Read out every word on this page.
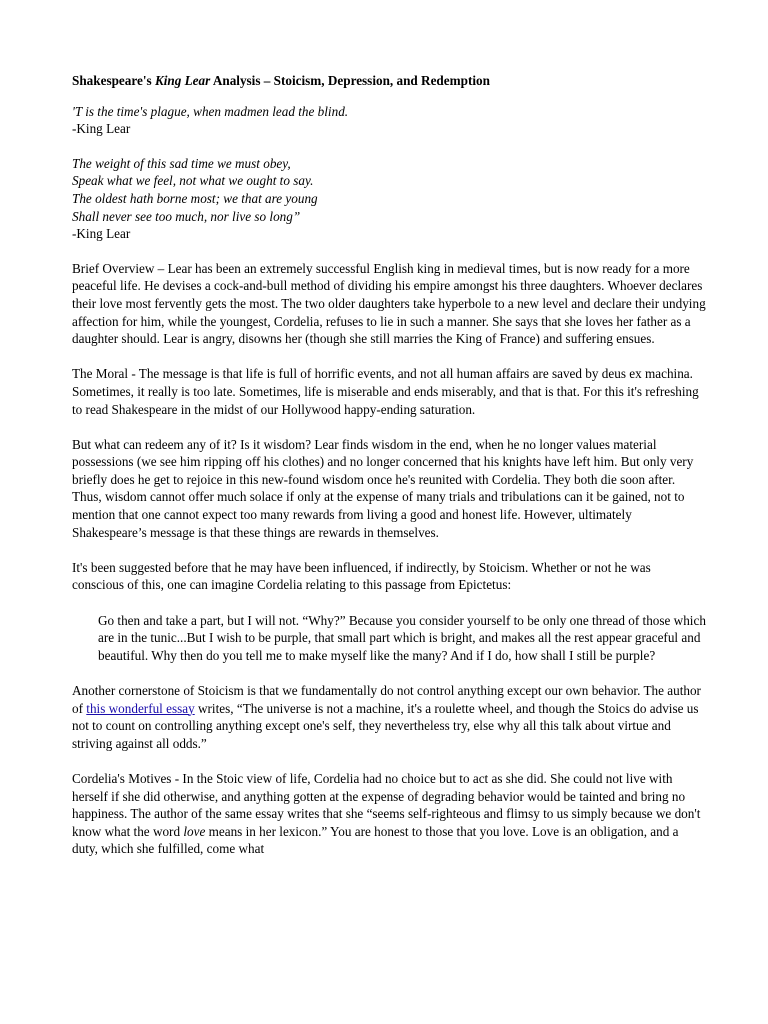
Shakespeare's King Lear Analysis – Stoicism, Depression, and Redemption
'T is the time's plague, when madmen lead the blind.
-King Lear
The weight of this sad time we must obey,
Speak what we feel, not what we ought to say.
The oldest hath borne most; we that are young
Shall never see too much, nor live so long”
-King Lear

Brief Overview – Lear has been an extremely successful English king in medieval times, but is now ready for a more peaceful life. He devises a cock-and-bull method of dividing his empire amongst his three daughters. Whoever declares their love most fervently gets the most. The two older daughters take hyperbole to a new level and declare their undying affection for him, while the youngest, Cordelia, refuses to lie in such a manner. She says that she loves her father as a daughter should. Lear is angry, disowns her (though she still marries the King of France) and suffering ensues.

The Moral - The message is that life is full of horrific events, and not all human affairs are saved by deus ex machina. Sometimes, it really is too late. Sometimes, life is miserable and ends miserably, and that is that. For this it's refreshing to read Shakespeare in the midst of our Hollywood happy-ending saturation.

But what can redeem any of it? Is it wisdom? Lear finds wisdom in the end, when he no longer values material possessions (we see him ripping off his clothes) and no longer concerned that his knights have left him. But only very briefly does he get to rejoice in this new-found wisdom once he's reunited with Cordelia. They both die soon after. Thus, wisdom cannot offer much solace if only at the expense of many trials and tribulations can it be gained, not to mention that one cannot expect too many rewards from living a good and honest life. However, ultimately Shakespeare’s message is that these things are rewards in themselves.

It's been suggested before that he may have been influenced, if indirectly, by Stoicism. Whether or not he was conscious of this, one can imagine Cordelia relating to this passage from Epictetus:

Go then and take a part, but I will not. “Why?” Because you consider yourself to be only one thread of those which are in the tunic...But I wish to be purple, that small part which is bright, and makes all the rest appear graceful and beautiful. Why then do you tell me to make myself like the many? And if I do, how shall I still be purple?

Another cornerstone of Stoicism is that we fundamentally do not control anything except our own behavior. The author of this wonderful essay writes, “The universe is not a machine, it's a roulette wheel, and though the Stoics do advise us not to count on controlling anything except one's self, they nevertheless try, else why all this talk about virtue and striving against all odds.”

Cordelia's Motives - In the Stoic view of life, Cordelia had no choice but to act as she did. She could not live with herself if she did otherwise, and anything gotten at the expense of degrading behavior would be tainted and bring no happiness. The author of the same essay writes that she “seems self-righteous and flimsy to us simply because we don't know what the word love means in her lexicon.” You are honest to those that you love. Love is an obligation, and a duty, which she fulfilled, come what
